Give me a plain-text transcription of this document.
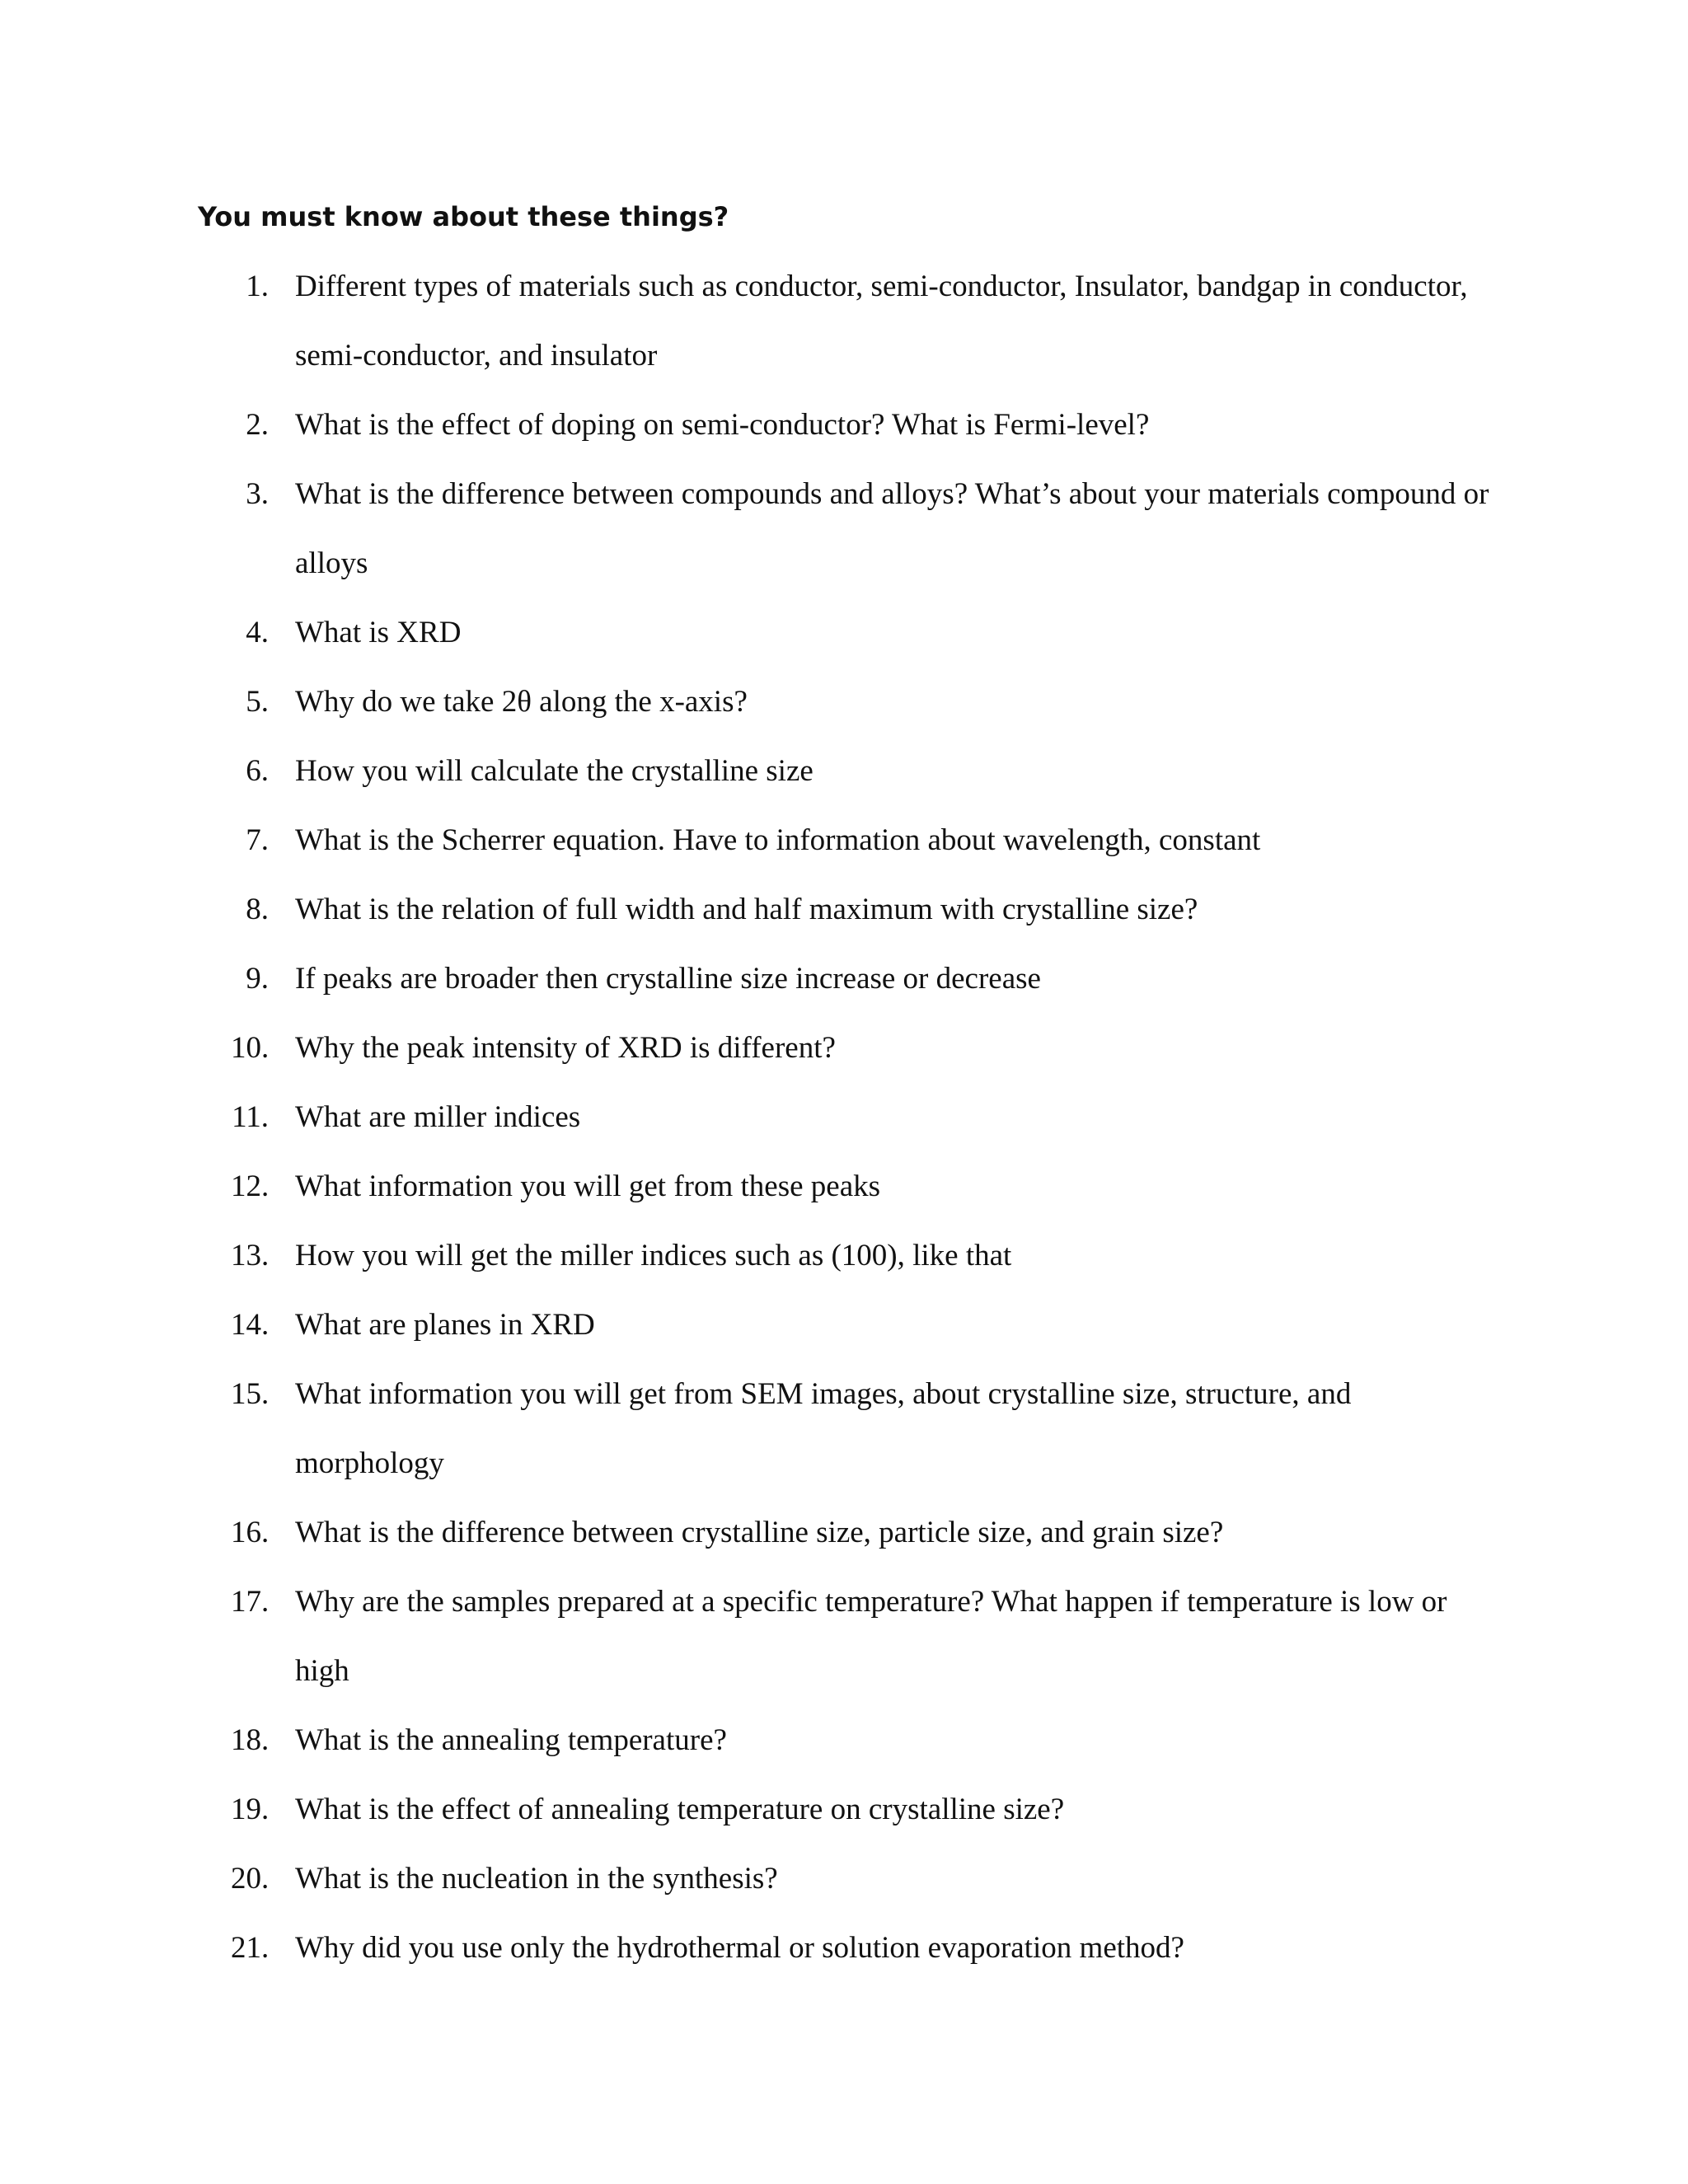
You must know about these things?
1. Different types of materials such as conductor, semi-conductor, Insulator, bandgap in conductor, semi-conductor, and insulator
2. What is the effect of doping on semi-conductor? What is Fermi-level?
3. What is the difference between compounds and alloys? What’s about your materials compound or alloys
4. What is XRD
5. Why do we take 2θ along the x-axis?
6. How you will calculate the crystalline size
7. What is the Scherrer equation. Have to information about wavelength, constant
8. What is the relation of full width and half maximum with crystalline size?
9. If peaks are broader then crystalline size increase or decrease
10. Why the peak intensity of XRD is different?
11. What are miller indices
12. What information you will get from these peaks
13. How you will get the miller indices such as (100), like that
14. What are planes in XRD
15. What information you will get from SEM images, about crystalline size, structure, and morphology
16. What is the difference between crystalline size, particle size, and grain size?
17. Why are the samples prepared at a specific temperature? What happen if temperature is low or high
18. What is the annealing temperature?
19. What is the effect of annealing temperature on crystalline size?
20. What is the nucleation in the synthesis?
21. Why did you use only the hydrothermal or solution evaporation method?
